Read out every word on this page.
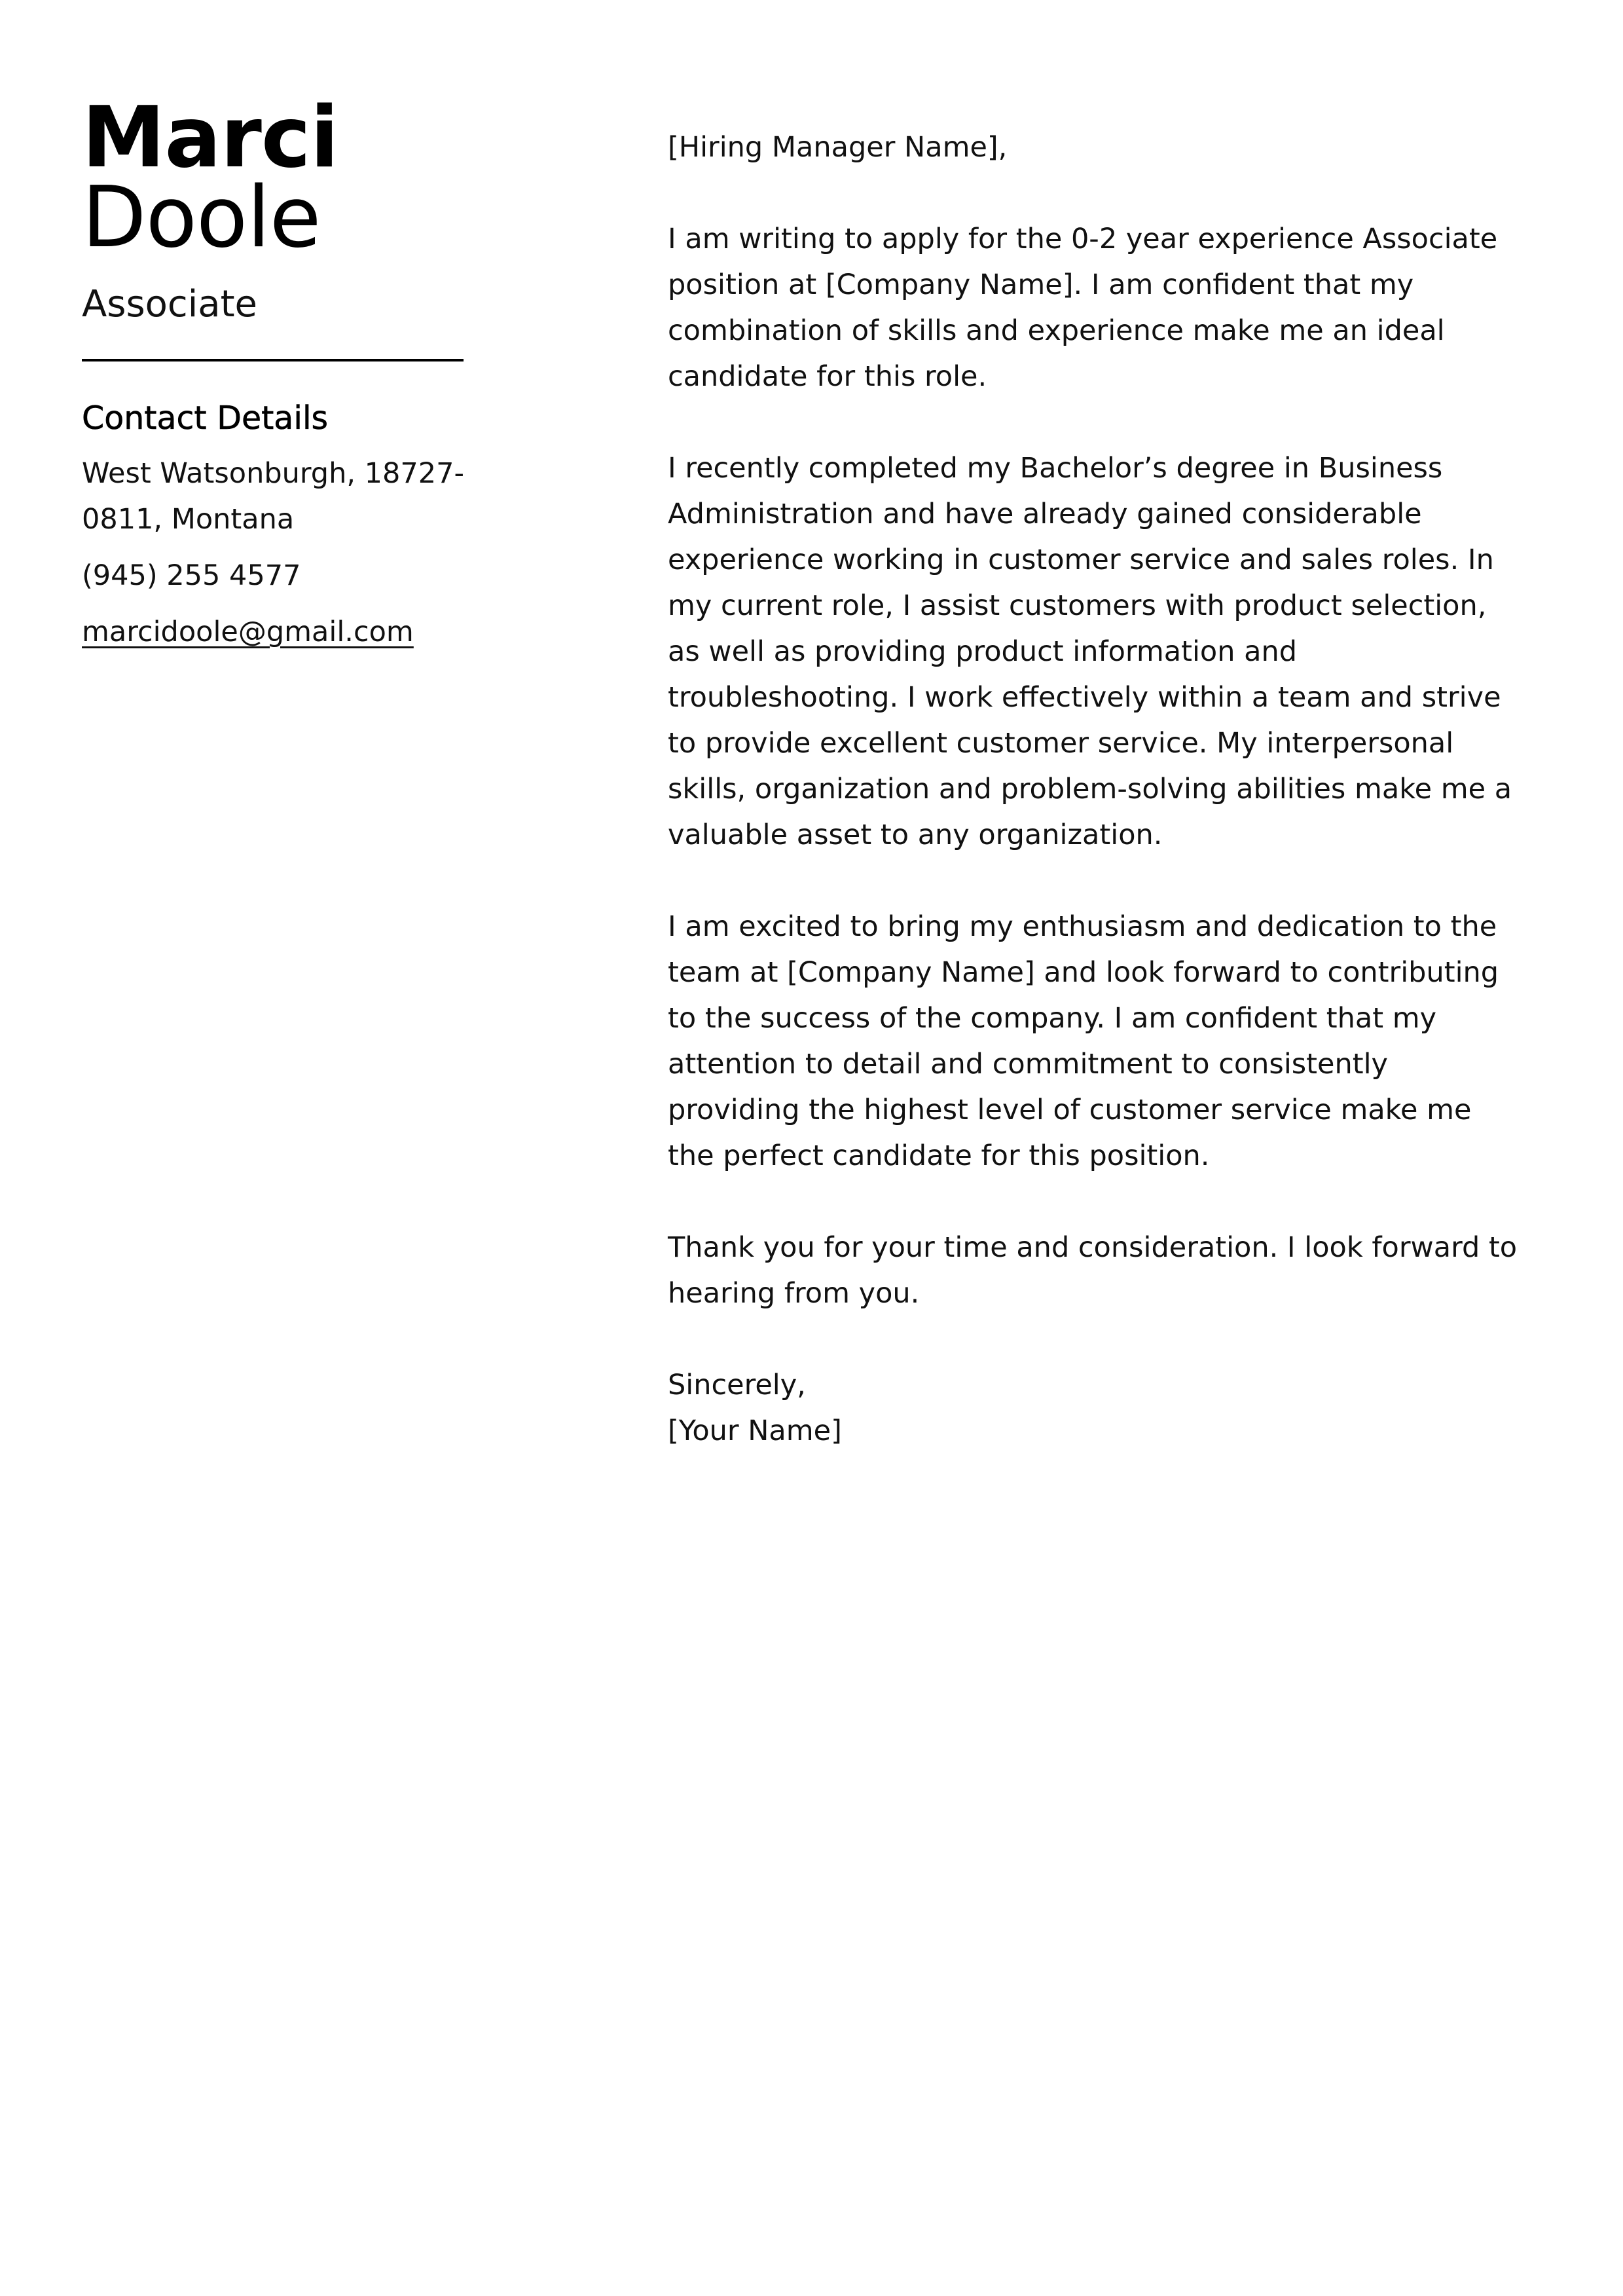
Marci
Doole
Associate
Contact Details
West Watsonburgh, 18727-0811, Montana
(945) 255 4577
marcidoole@gmail.com

[Hiring Manager Name],

I am writing to apply for the 0-2 year experience Associate position at [Company Name]. I am confident that my combination of skills and experience make me an ideal candidate for this role.

I recently completed my Bachelor’s degree in Business Administration and have already gained considerable experience working in customer service and sales roles. In my current role, I assist customers with product selection, as well as providing product information and troubleshooting. I work effectively within a team and strive to provide excellent customer service. My interpersonal skills, organization and problem-solving abilities make me a valuable asset to any organization.

I am excited to bring my enthusiasm and dedication to the team at [Company Name] and look forward to contributing to the success of the company. I am confident that my attention to detail and commitment to consistently providing the highest level of customer service make me the perfect candidate for this position.

Thank you for your time and consideration. I look forward to hearing from you.

Sincerely,

[Your Name]
